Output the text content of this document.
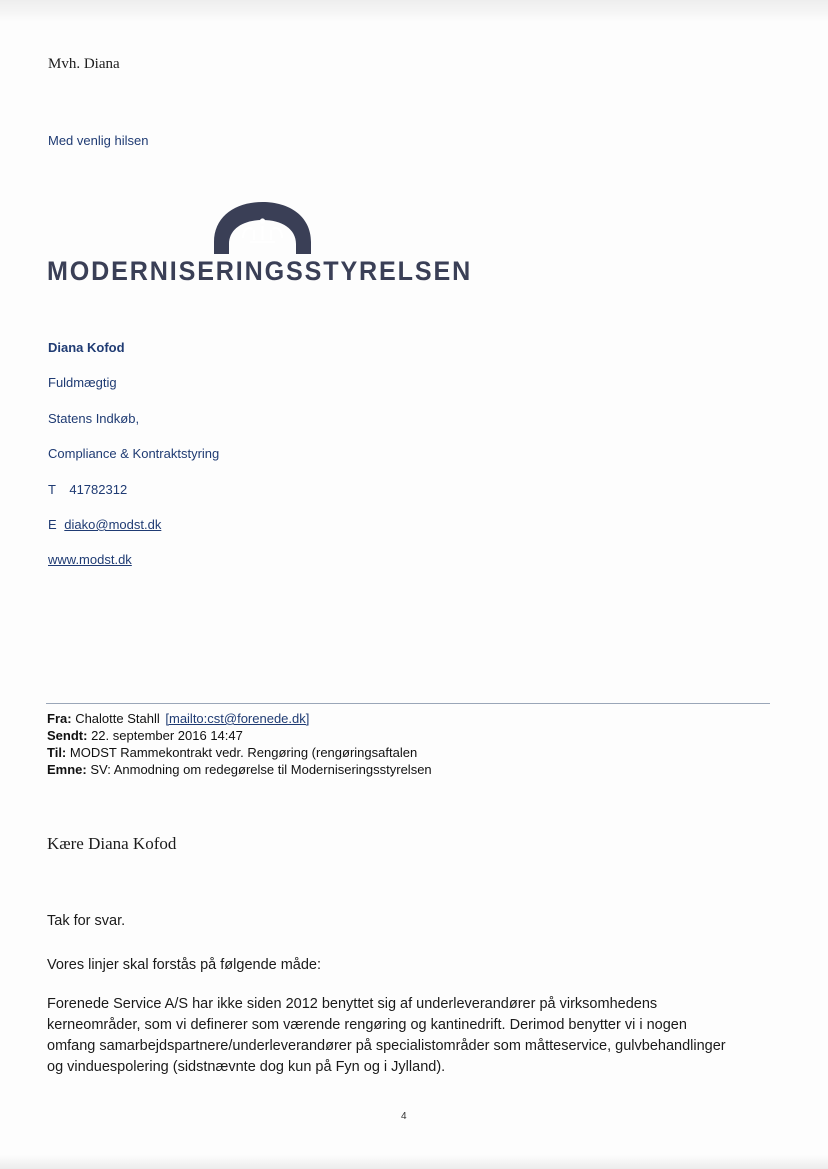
Mvh. Diana
Med venlig hilsen
MODERNISERINGSSTYRELSEN
Diana Kofod
Fuldmægtig
Statens Indkøb,
Compliance & Kontraktstyring
T 41782312
E diako@modst.dk
www.modst.dk
Fra: Chalotte Stahll [mailto:cst@forenede.dk]
Sendt: 22. september 2016 14:47
Til: MODST Rammekontrakt vedr. Rengøring (rengøringsaftalen
Emne: SV: Anmodning om redegørelse til Moderniseringsstyrelsen
Kære Diana Kofod
Tak for svar.
Vores linjer skal forstås på følgende måde:
Forenede Service A/S har ikke siden 2012 benyttet sig af underleverandører på virksomhedens
kerneområder, som vi definerer som værende rengøring og kantinedrift. Derimod benytter vi i nogen
omfang samarbejdspartnere/underleverandører på specialistområder som måtteservice, gulvbehandlinger
og vinduespolering (sidstnævnte dog kun på Fyn og i Jylland).
4
